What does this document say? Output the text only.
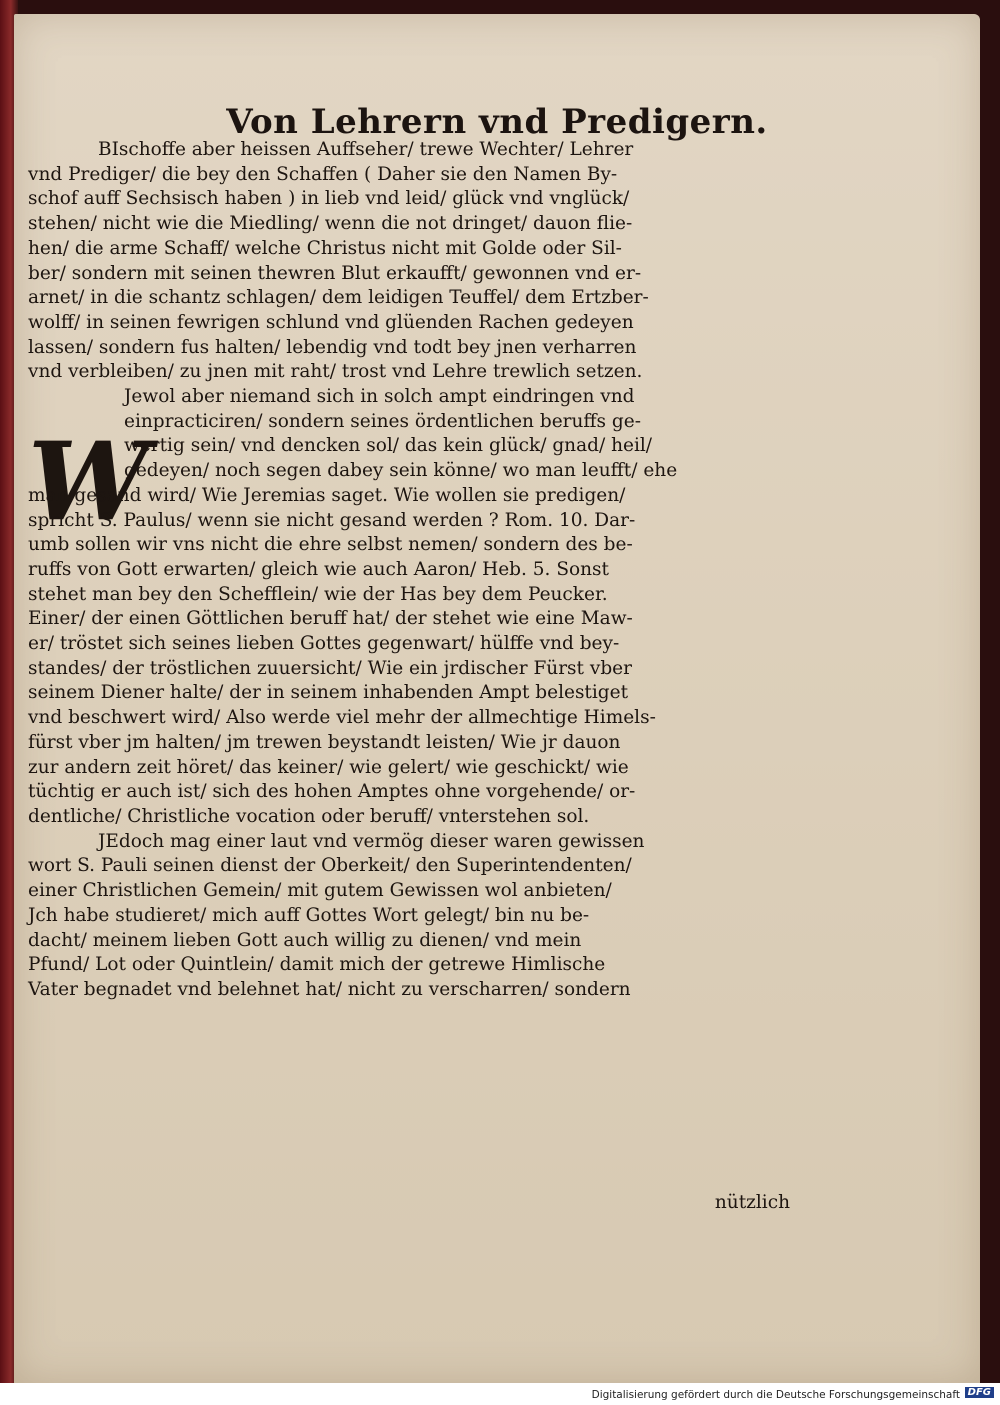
Von Lehrern vnd Predigern.
W
BIschoffe aber heissen Auffseher/ trewe Wechter/ Lehrer
vnd Prediger/ die bey den Schaffen ( Daher sie den Namen By-
schof auff Sechsisch haben ) in lieb vnd leid/ glück vnd vnglück/
stehen/ nicht wie die Miedling/ wenn die not dringet/ dauon flie-
hen/ die arme Schaff/ welche Christus nicht mit Golde oder Sil-
ber/ sondern mit seinen thewren Blut erkaufft/ gewonnen vnd er-
arnet/ in die schantz schlagen/ dem leidigen Teuffel/ dem Ertzber-
wolff/ in seinen fewrigen schlund vnd glüenden Rachen gedeyen
lassen/ sondern fus halten/ lebendig vnd todt bey jnen verharren
vnd verbleiben/ zu jnen mit raht/ trost vnd Lehre trewlich setzen.
Jewol aber niemand sich in solch ampt eindringen vnd
einpracticiren/ sondern seines ördentlichen beruffs ge-
wertig sein/ vnd dencken sol/ das kein glück/ gnad/ heil/
gedeyen/ noch segen dabey sein könne/ wo man leufft/ ehe
man gesand wird/ Wie Jeremias saget. Wie wollen sie predigen/
spricht S. Paulus/ wenn sie nicht gesand werden ? Rom. 10. Dar-
umb sollen wir vns nicht die ehre selbst nemen/ sondern des be-
ruffs von Gott erwarten/ gleich wie auch Aaron/ Heb. 5. Sonst
stehet man bey den Schefflein/ wie der Has bey dem Peucker.
Einer/ der einen Göttlichen beruff hat/ der stehet wie eine Maw-
er/ tröstet sich seines lieben Gottes gegenwart/ hülffe vnd bey-
standes/ der tröstlichen zuuersicht/ Wie ein jrdischer Fürst vber
seinem Diener halte/ der in seinem inhabenden Ampt belestiget
vnd beschwert wird/ Also werde viel mehr der allmechtige Himels-
fürst vber jm halten/ jm trewen beystandt leisten/ Wie jr dauon
zur andern zeit höret/ das keiner/ wie gelert/ wie geschickt/ wie
tüchtig er auch ist/ sich des hohen Amptes ohne vorgehende/ or-
dentliche/ Christliche vocation oder beruff/ vnterstehen sol.
JEdoch mag einer laut vnd vermög dieser waren gewissen
wort S. Pauli seinen dienst der Oberkeit/ den Superintendenten/
einer Christlichen Gemein/ mit gutem Gewissen wol anbieten/
Jch habe studieret/ mich auff Gottes Wort gelegt/ bin nu be-
dacht/ meinem lieben Gott auch willig zu dienen/ vnd mein
Pfund/ Lot oder Quintlein/ damit mich der getrewe Himlische
Vater begnadet vnd belehnet hat/ nicht zu verscharren/ sondern
nützlich
Digitalisierung gefördert durch die Deutsche Forschungsgemeinschaft DFG
